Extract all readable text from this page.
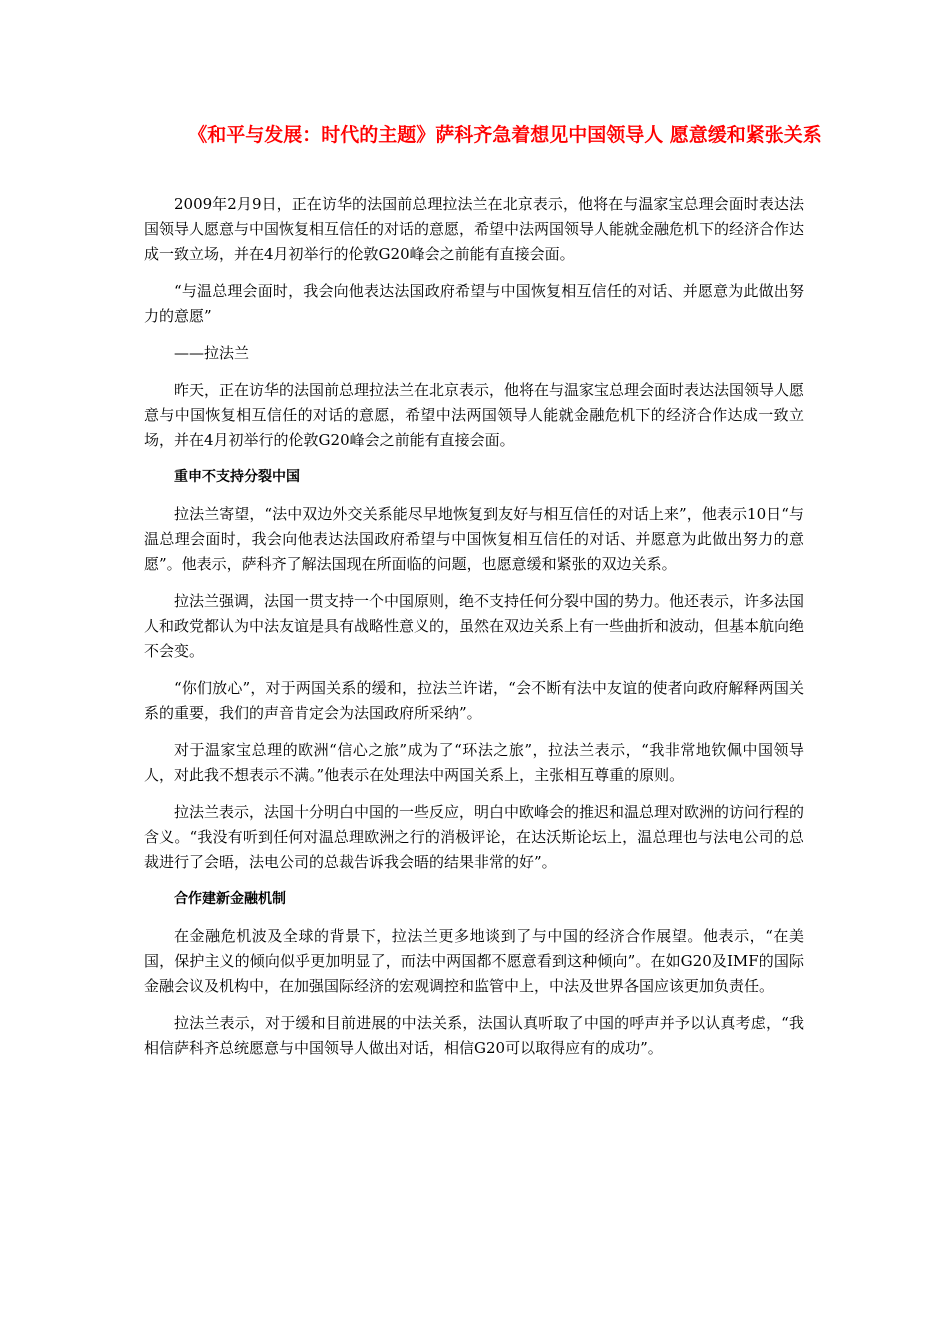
《和平与发展：时代的主题》萨科齐急着想见中国领导人 愿意缓和紧张关系

2009年2月9日，正在访华的法国前总理拉法兰在北京表示，他将在与温家宝总理会面时表达法国领导人愿意与中国恢复相互信任的对话的意愿，希望中法两国领导人能就金融危机下的经济合作达成一致立场，并在4月初举行的伦敦G20峰会之前能有直接会面。

“与温总理会面时，我会向他表达法国政府希望与中国恢复相互信任的对话、并愿意为此做出努力的意愿”

——拉法兰

昨天，正在访华的法国前总理拉法兰在北京表示，他将在与温家宝总理会面时表达法国领导人愿意与中国恢复相互信任的对话的意愿，希望中法两国领导人能就金融危机下的经济合作达成一致立场，并在4月初举行的伦敦G20峰会之前能有直接会面。

重申不支持分裂中国

拉法兰寄望，“法中双边外交关系能尽早地恢复到友好与相互信任的对话上来”，他表示10日“与温总理会面时，我会向他表达法国政府希望与中国恢复相互信任的对话、并愿意为此做出努力的意愿”。他表示，萨科齐了解法国现在所面临的问题，也愿意缓和紧张的双边关系。

拉法兰强调，法国一贯支持一个中国原则，绝不支持任何分裂中国的势力。他还表示，许多法国人和政党都认为中法友谊是具有战略性意义的，虽然在双边关系上有一些曲折和波动，但基本航向绝不会变。

“你们放心”，对于两国关系的缓和，拉法兰许诺，“会不断有法中友谊的使者向政府解释两国关系的重要，我们的声音肯定会为法国政府所采纳”。

对于温家宝总理的欧洲“信心之旅”成为了“环法之旅”，拉法兰表示，“我非常地钦佩中国领导人，对此我不想表示不满。”他表示在处理法中两国关系上，主张相互尊重的原则。

拉法兰表示，法国十分明白中国的一些反应，明白中欧峰会的推迟和温总理对欧洲的访问行程的含义。“我没有听到任何对温总理欧洲之行的消极评论，在达沃斯论坛上，温总理也与法电公司的总裁进行了会晤，法电公司的总裁告诉我会晤的结果非常的好”。

合作建新金融机制

在金融危机波及全球的背景下，拉法兰更多地谈到了与中国的经济合作展望。他表示，“在美国，保护主义的倾向似乎更加明显了，而法中两国都不愿意看到这种倾向”。在如G20及IMF的国际金融会议及机构中，在加强国际经济的宏观调控和监管中上，中法及世界各国应该更加负责任。

拉法兰表示，对于缓和目前进展的中法关系，法国认真听取了中国的呼声并予以认真考虑，“我相信萨科齐总统愿意与中国领导人做出对话，相信G20可以取得应有的成功”。
